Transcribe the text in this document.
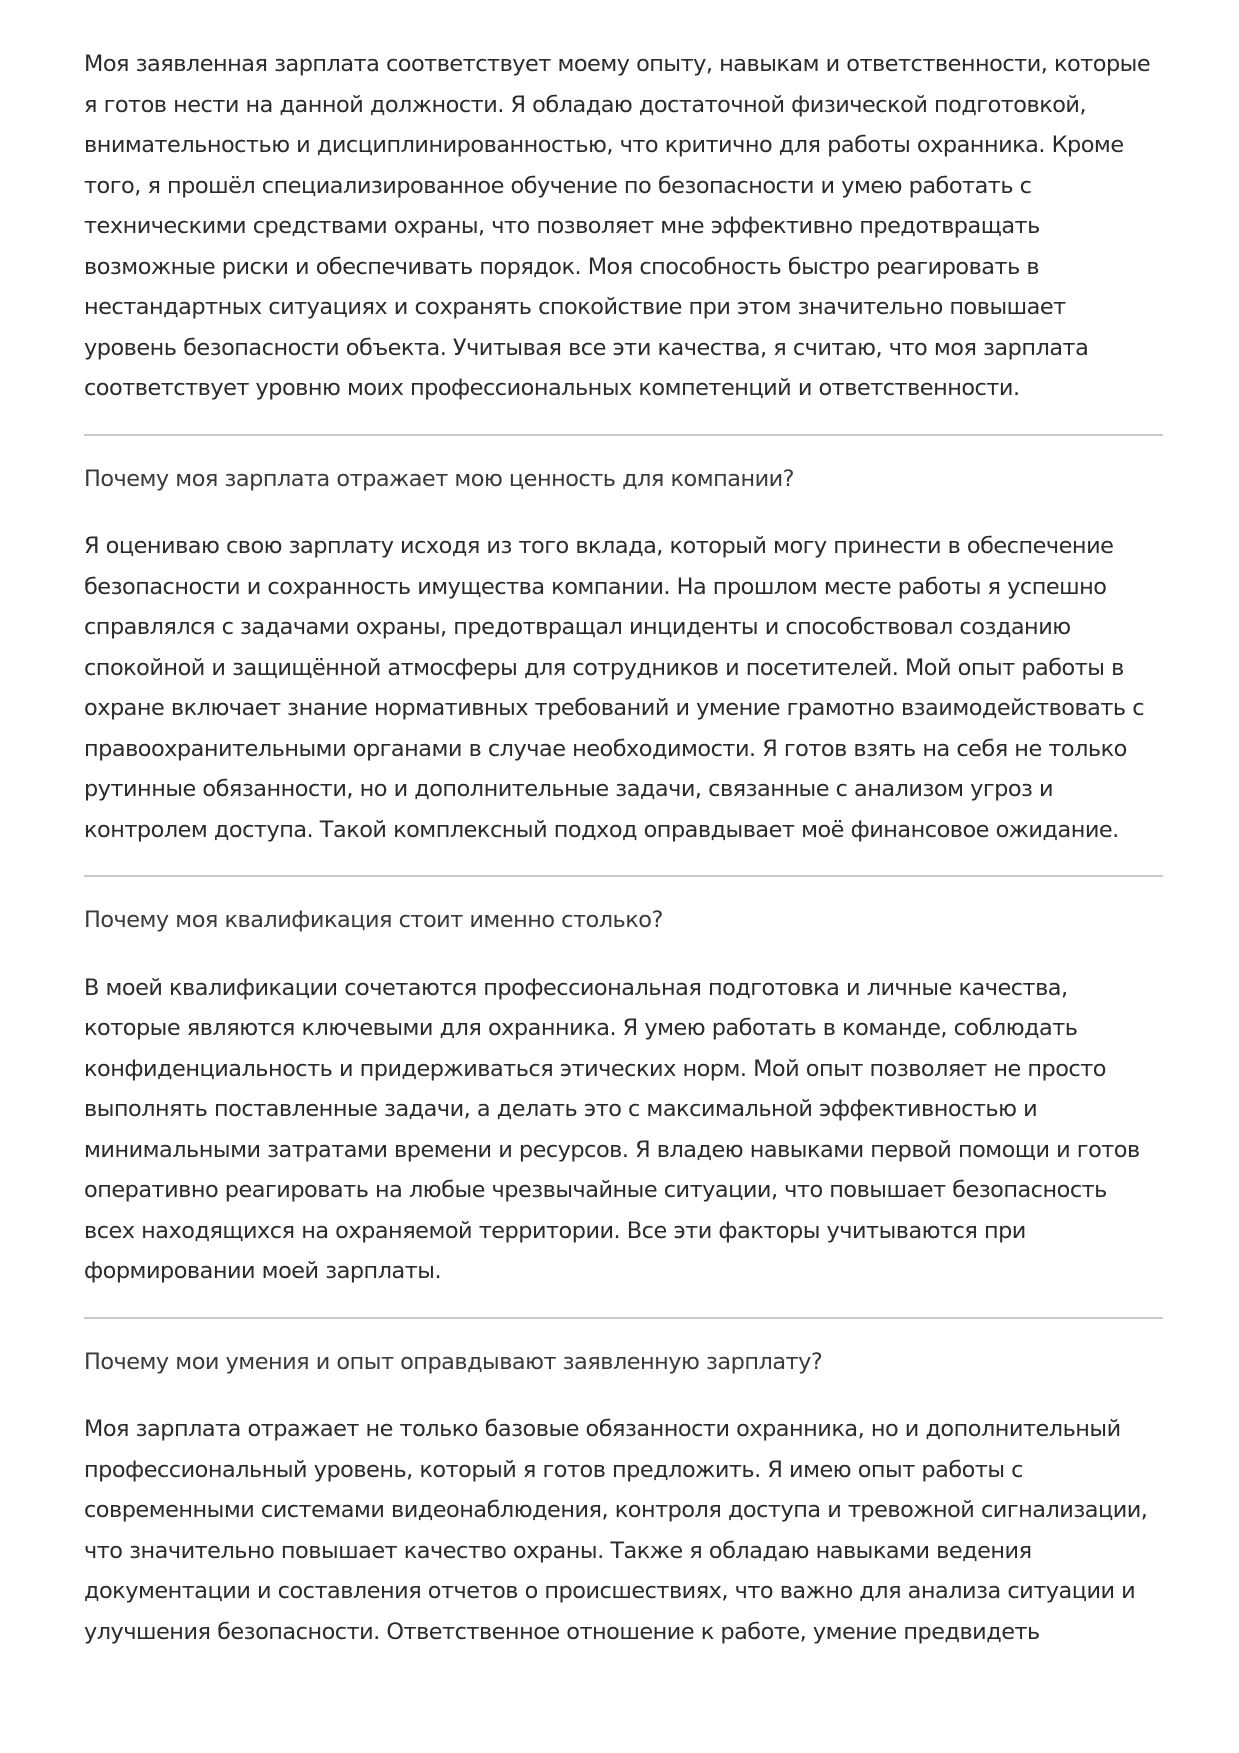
Моя заявленная зарплата соответствует моему опыту, навыкам и ответственности, которые я готов нести на данной должности. Я обладаю достаточной физической подготовкой, внимательностью и дисциплинированностью, что критично для работы охранника. Кроме того, я прошёл специализированное обучение по безопасности и умею работать с техническими средствами охраны, что позволяет мне эффективно предотвращать возможные риски и обеспечивать порядок. Моя способность быстро реагировать в нестандартных ситуациях и сохранять спокойствие при этом значительно повышает уровень безопасности объекта. Учитывая все эти качества, я считаю, что моя зарплата соответствует уровню моих профессиональных компетенций и ответственности.

Почему моя зарплата отражает мою ценность для компании?

Я оцениваю свою зарплату исходя из того вклада, который могу принести в обеспечение безопасности и сохранность имущества компании. На прошлом месте работы я успешно справлялся с задачами охраны, предотвращал инциденты и способствовал созданию спокойной и защищённой атмосферы для сотрудников и посетителей. Мой опыт работы в охране включает знание нормативных требований и умение грамотно взаимодействовать с правоохранительными органами в случае необходимости. Я готов взять на себя не только рутинные обязанности, но и дополнительные задачи, связанные с анализом угроз и контролем доступа. Такой комплексный подход оправдывает моё финансовое ожидание.

Почему моя квалификация стоит именно столько?

В моей квалификации сочетаются профессиональная подготовка и личные качества, которые являются ключевыми для охранника. Я умею работать в команде, соблюдать конфиденциальность и придерживаться этических норм. Мой опыт позволяет не просто выполнять поставленные задачи, а делать это с максимальной эффективностью и минимальными затратами времени и ресурсов. Я владею навыками первой помощи и готов оперативно реагировать на любые чрезвычайные ситуации, что повышает безопасность всех находящихся на охраняемой территории. Все эти факторы учитываются при формировании моей зарплаты.

Почему мои умения и опыт оправдывают заявленную зарплату?

Моя зарплата отражает не только базовые обязанности охранника, но и дополнительный профессиональный уровень, который я готов предложить. Я имею опыт работы с современными системами видеонаблюдения, контроля доступа и тревожной сигнализации, что значительно повышает качество охраны. Также я обладаю навыками ведения документации и составления отчетов о происшествиях, что важно для анализа ситуации и улучшения безопасности. Ответственное отношение к работе, умение предвидеть
